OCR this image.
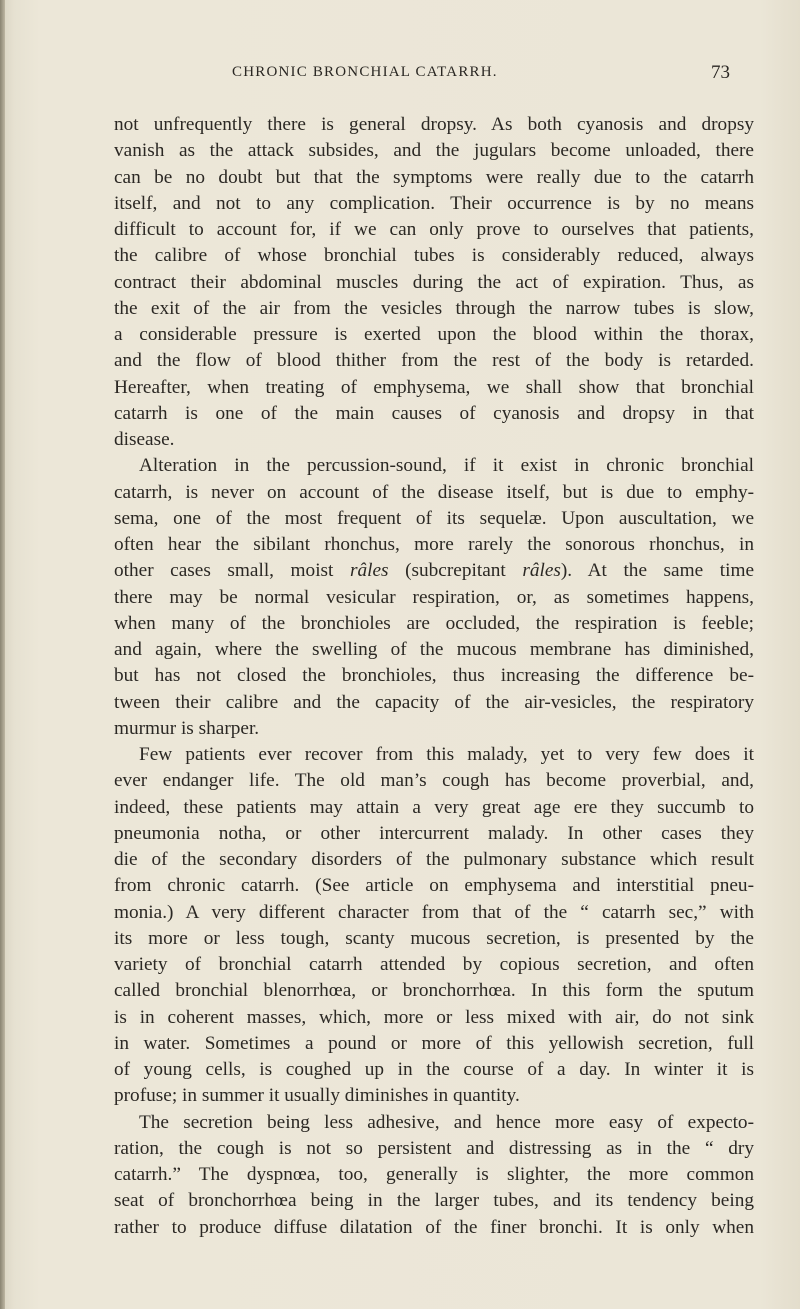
CHRONIC BRONCHIAL CATARRH.	73
not unfrequently there is general dropsy. As both cyanosis and dropsy
vanish as the attack subsides, and the jugulars become unloaded, there
can be no doubt but that the symptoms were really due to the catarrh
itself, and not to any complication. Their occurrence is by no means
difficult to account for, if we can only prove to ourselves that patients,
the calibre of whose bronchial tubes is considerably reduced, always
contract their abdominal muscles during the act of expiration. Thus, as
the exit of the air from the vesicles through the narrow tubes is slow,
a considerable pressure is exerted upon the blood within the thorax,
and the flow of blood thither from the rest of the body is retarded.
Hereafter, when treating of emphysema, we shall show that bronchial
catarrh is one of the main causes of cyanosis and dropsy in that
disease.
Alteration in the percussion-sound, if it exist in chronic bronchial
catarrh, is never on account of the disease itself, but is due to emphy-
sema, one of the most frequent of its sequelæ. Upon auscultation, we
often hear the sibilant rhonchus, more rarely the sonorous rhonchus, in
other cases small, moist râles (subcrepitant râles). At the same time
there may be normal vesicular respiration, or, as sometimes happens,
when many of the bronchioles are occluded, the respiration is feeble;
and again, where the swelling of the mucous membrane has diminished,
but has not closed the bronchioles, thus increasing the difference be-
tween their calibre and the capacity of the air-vesicles, the respiratory
murmur is sharper.
Few patients ever recover from this malady, yet to very few does it
ever endanger life. The old man’s cough has become proverbial, and,
indeed, these patients may attain a very great age ere they succumb to
pneumonia notha, or other intercurrent malady. In other cases they
die of the secondary disorders of the pulmonary substance which result
from chronic catarrh. (See article on emphysema and interstitial pneu-
monia.) A very different character from that of the “ catarrh sec,” with
its more or less tough, scanty mucous secretion, is presented by the
variety of bronchial catarrh attended by copious secretion, and often
called bronchial blenorrhœa, or bronchorrhœa. In this form the sputum
is in coherent masses, which, more or less mixed with air, do not sink
in water. Sometimes a pound or more of this yellowish secretion, full
of young cells, is coughed up in the course of a day. In winter it is
profuse; in summer it usually diminishes in quantity.
The secretion being less adhesive, and hence more easy of expecto-
ration, the cough is not so persistent and distressing as in the “ dry
catarrh.” The dyspnœa, too, generally is slighter, the more common
seat of bronchorrhœa being in the larger tubes, and its tendency being
rather to produce diffuse dilatation of the finer bronchi. It is only when
